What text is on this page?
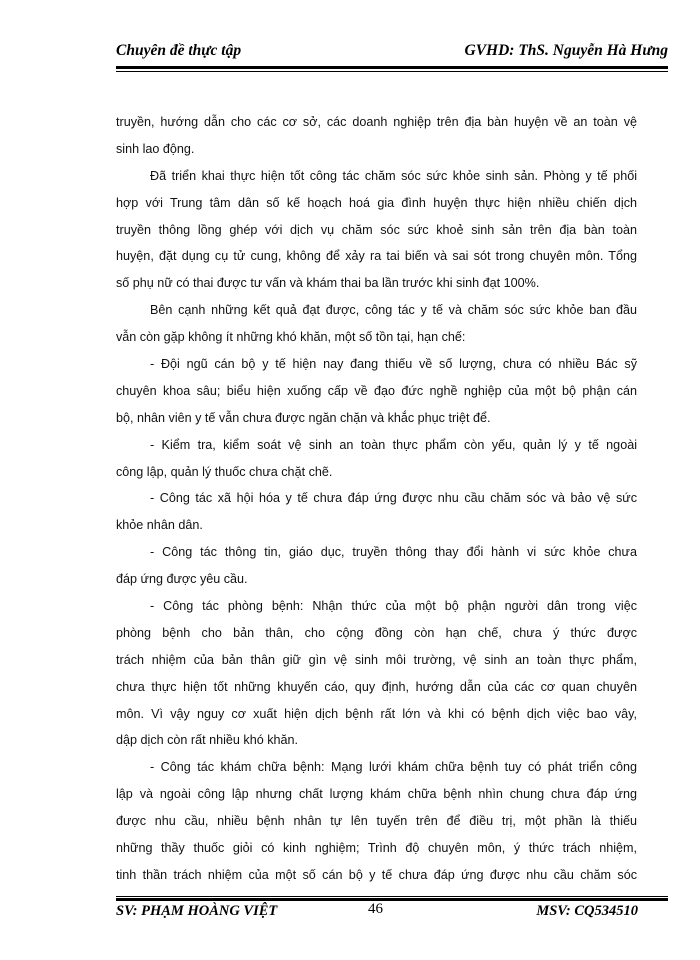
Chuyên đề thực tập	GVHD: ThS. Nguyễn Hà Hưng
truyền, hướng dẫn cho các cơ sở, các doanh nghiệp trên địa bàn huyện về an toàn vệ
sinh lao động.
Đã triển khai thực hiện tốt công tác chăm sóc sức khỏe sinh sản. Phòng y tế phối
hợp với Trung tâm dân số kế hoạch hoá gia đình huyện thực hiện nhiều chiến dịch
truyền thông lồng ghép với dịch vụ chăm sóc sức khoẻ sinh sản trên địa bàn toàn
huyện, đặt dụng cụ tử cung, không để xảy ra tai biến và sai sót trong chuyên môn. Tổng
số phụ nữ có thai được tư vấn và khám thai ba lần trước khi sinh đạt 100%.
Bên cạnh những kết quả đạt được, công tác y tế và chăm sóc sức khỏe ban đầu
vẫn còn gặp không ít những khó khăn, một số tồn tại, hạn chế:
- Đội ngũ cán bộ y tế hiện nay đang thiếu về số lượng, chưa có nhiều Bác sỹ
chuyên khoa sâu; biểu hiện xuống cấp về đạo đức nghề nghiệp của một bộ phận cán
bộ, nhân viên y tế vẫn chưa được ngăn chặn và khắc phục triệt để.
- Kiểm tra, kiểm soát vệ sinh an toàn thực phẩm còn yếu, quản lý y tế ngoài
công lập, quản lý thuốc chưa chặt chẽ.
- Công tác xã hội hóa y tế chưa đáp ứng được nhu cầu chăm sóc và bảo vệ sức
khỏe nhân dân.
- Công tác thông tin, giáo dục, truyền thông thay đổi hành vi sức khỏe chưa
đáp ứng được yêu cầu.
- Công tác phòng bệnh: Nhận thức của một bộ phận người dân trong việc
phòng bệnh cho bản thân, cho cộng đồng còn hạn chế, chưa ý thức được
trách nhiệm của bản thân giữ gìn vệ sinh môi trường, vệ sinh an toàn thực phẩm,
chưa thực hiện tốt những khuyến cáo, quy định, hướng dẫn của các cơ quan chuyên
môn. Vì vậy nguy cơ xuất hiện dịch bệnh rất lớn và khi có bệnh dịch việc bao vây,
dập dịch còn rất nhiều khó khăn.
- Công tác khám chữa bệnh: Mạng lưới khám chữa bệnh tuy có phát triển công
lập và ngoài công lập nhưng chất lượng khám chữa bệnh nhìn chung chưa đáp ứng
được nhu cầu, nhiều bệnh nhân tự lên tuyến trên để điều trị, một phần là thiếu
những thầy thuốc giỏi có kinh nghiệm; Trình độ chuyên môn, ý thức trách nhiệm,
tinh thần trách nhiệm của một số cán bộ y tế chưa đáp ứng được nhu cầu chăm sóc
SV: PHẠM HOÀNG VIỆT	46	MSV: CQ534510
